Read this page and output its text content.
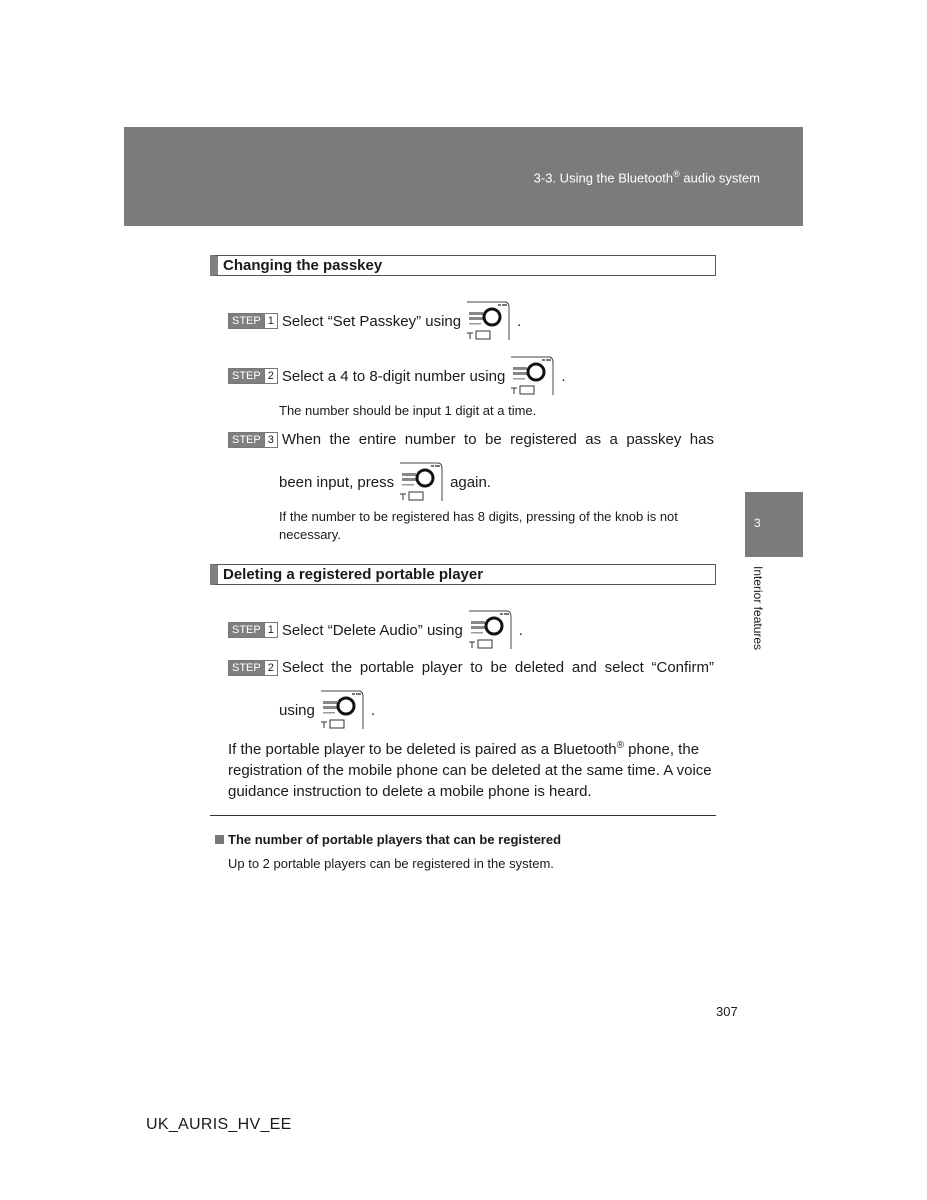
3-3. Using the Bluetooth® audio system
3
Interior features
Changing the passkey
STEP 1 Select “Set Passkey” using	.
STEP 2 Select a 4 to 8-digit number using	.
The number should be input 1 digit at a time.
STEP 3 When the entire number to be registered as a passkey has
been input, press	again.
If the number to be registered has 8 digits, pressing of the knob is not necessary.
Deleting a registered portable player
STEP 1 Select “Delete Audio” using	.
STEP 2 Select the portable player to be deleted and select “Confirm”
using	.
If the portable player to be deleted is paired as a Bluetooth® phone, the registration of the mobile phone can be deleted at the same time. A voice guidance instruction to delete a mobile phone is heard.
The number of portable players that can be registered
Up to 2 portable players can be registered in the system.
307
UK_AURIS_HV_EE
